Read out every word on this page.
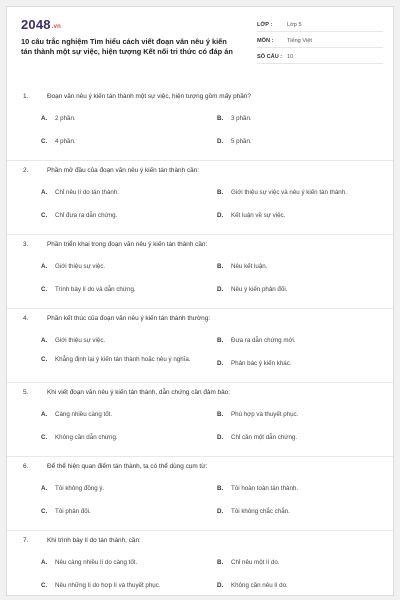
2048.vn
10 câu trắc nghiệm Tìm hiểu cách viết đoạn văn nêu ý kiến tán thành một sự việc, hiện tượng Kết nối tri thức có đáp án
LỚP :	Lớp 5
MÔN :	Tiếng Việt
SỐ CÂU : 10
1.	Đoạn văn nêu ý kiến tán thành một sự việc, hiện tượng gồm mấy phần?
A.	2 phần.	B.	3 phần.
C.	4 phần.	D.	5 phần.
2.	Phần mở đầu của đoạn văn nêu ý kiến tán thành cần:
A.	Chỉ nêu lí do tán thành.	B.	Giới thiệu sự việc và nêu ý kiến tán thành.
C.	Chỉ đưa ra dẫn chứng.	D.	Kết luận về sự việc.
3.	Phần triển khai trong đoạn văn nêu ý kiến tán thành cần:
A.	Giới thiệu sự việc.	B.	Nêu kết luận.
C.	Trình bày lí do và dẫn chứng.	D.	Nêu ý kiến phản đối.
4.	Phần kết thúc của đoạn văn nêu ý kiến tán thành thường:
A.	Giới thiệu sự việc.	B.	Đưa ra dẫn chứng mới.
C.	Khẳng định lại ý kiến tán thành hoặc nêu ý nghĩa.
D.	Phản bác ý kiến khác.
5.	Khi viết đoạn văn nêu ý kiến tán thành, dẫn chứng cần đảm bảo:
A.	Càng nhiều càng tốt.	B.	Phù hợp và thuyết phục.
C.	Không cần dẫn chứng.	D.	Chỉ cần một dẫn chứng.
6.	Để thể hiện quan điểm tán thành, ta có thể dùng cụm từ:
A.	Tôi không đồng ý.	B.	Tôi hoàn toàn tán thành.
C.	Tôi phản đối.	D.	Tôi không chắc chắn.
7.	Khi trình bày lí do tán thành, cần:
A.	Nêu càng nhiều lí do càng tốt.	B.	Chỉ nêu một lí do.
C.	Nêu những lí do hợp lí và thuyết phục.	D.	Không cần nêu lí do.
